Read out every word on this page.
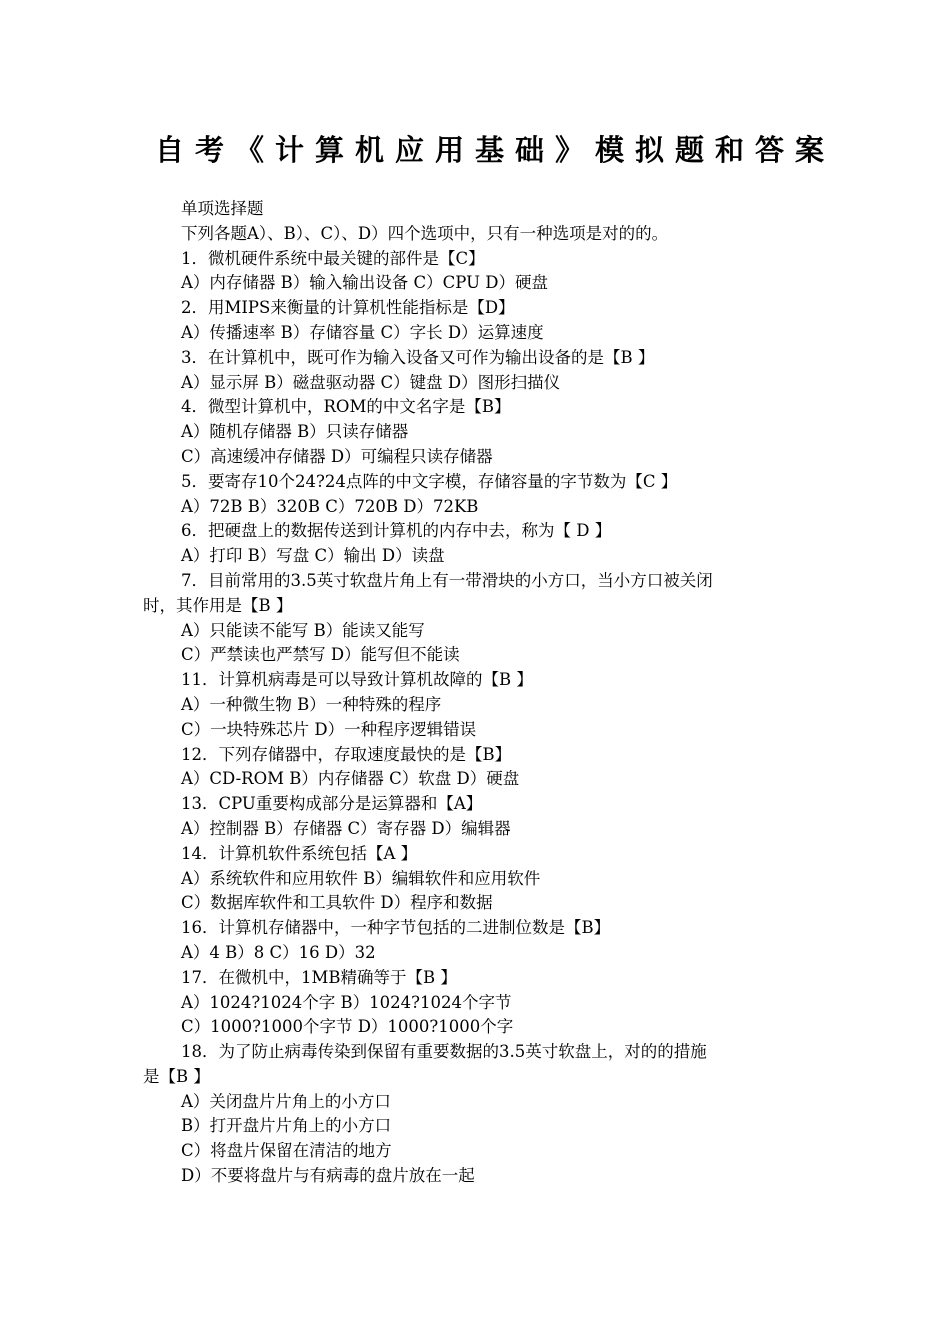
自考《计算机应用基础》模拟题和答案

单项选择题

下列各题A）、B）、C）、D）四个选项中，只有一种选项是对的的。

1．微机硬件系统中最关键的部件是【C】

A）内存储器 B）输入输出设备 C）CPU D）硬盘

2．用MIPS来衡量的计算机性能指标是【D】

A）传播速率 B）存储容量 C）字长 D）运算速度

3．在计算机中，既可作为输入设备又可作为输出设备的是【B 】

A）显示屏 B）磁盘驱动器 C）键盘 D）图形扫描仪

4．微型计算机中，ROM的中文名字是【B】

A）随机存储器 B）只读存储器

C）高速缓冲存储器 D）可编程只读存储器

5．要寄存10个24?24点阵的中文字模，存储容量的字节数为【C 】

A）72B B）320B C）720B D）72KB

6．把硬盘上的数据传送到计算机的内存中去，称为【 D 】

A）打印 B）写盘 C）输出 D）读盘

7．目前常用的3.5英寸软盘片角上有一带滑块的小方口，当小方口被关闭

时，其作用是【B 】

A）只能读不能写 B）能读又能写

C）严禁读也严禁写 D）能写但不能读

11．计算机病毒是可以导致计算机故障的【B 】

A）一种微生物 B）一种特殊的程序

C）一块特殊芯片 D）一种程序逻辑错误

12．下列存储器中，存取速度最快的是【B】

A）CD-ROM B）内存储器 C）软盘 D）硬盘

13．CPU重要构成部分是运算器和【A】

A）控制器 B）存储器 C）寄存器 D）编辑器

14．计算机软件系统包括【A 】

A）系统软件和应用软件 B）编辑软件和应用软件

C）数据库软件和工具软件 D）程序和数据

16．计算机存储器中，一种字节包括的二进制位数是【B】

A）4 B）8 C）16 D）32

17．在微机中，1MB精确等于【B 】

A）1024?1024个字 B）1024?1024个字节

C）1000?1000个字节 D）1000?1000个字

18．为了防止病毒传染到保留有重要数据的3.5英寸软盘上，对的的措施

是【B 】

A）关闭盘片片角上的小方口

B）打开盘片片角上的小方口

C）将盘片保留在清洁的地方

D）不要将盘片与有病毒的盘片放在一起
